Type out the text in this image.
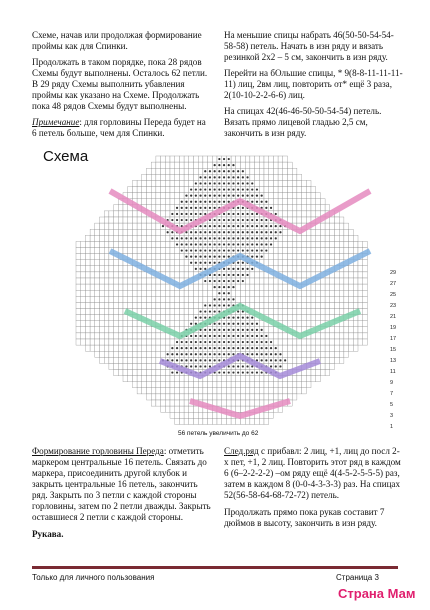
Схеме, начав или продолжая формирование проймы как для Спинки.

Продолжать в таком порядке, пока 28 рядов Схемы будут выполнены. Осталось 62 петли. В 29 ряду Схемы выполнить убавления проймы как указано на Схеме. Продолжать пока 48 рядов Схемы будут выполнены.

Примечание: для горловины Переда будет на 6 петель больше, чем для Спинки.

На меньшие спицы набрать 46(50-50-54-54-58-58) петель. Начать в изн ряду и вязать резинкой 2х2 – 5 см, закончить в изн ряду.

Перейти на бОльшие спицы, * 9(8-8-11-11-11-11) лиц, 2вм лиц, повторить от* ещё 3 раза, 2(10-10-2-2-6-6) лиц.

На спицах 42(46-46-50-50-54-54) петель. Вязать прямо лицевой гладью 2,5 см, закончить в изн ряду.

29
27
25
23
21
19
17
15
13
11
9
7
5
3
1
Схема
56 петель увеличить до 62

Формирование горловины Переда: отметить маркером центральные 16 петель. Связать до маркера, присоединить другой клубок и закрыть центральные 16 петель, закончить ряд. Закрыть по 3 петли с каждой стороны горловины, затем по 2 петли дважды. Закрыть оставшиеся 2 петли с каждой стороны.

Рукава.

След.ряд с прибавл: 2 лиц, +1, лиц до посл 2-х пет, +1, 2 лиц. Повторить этот ряд в каждом 6 (6–2-2-2-2) –ом ряду ещё 4(4-5-2-5-5-5) раз, затем в каждом 8 (0-0-4-3-3-3) раз. На спицах 52(56-58-64-68-72-72) петель.

Продолжать прямо пока рукав составит 7 дюймов в высоту, закончить в изн ряду.

Только для личного пользования	Страница 3
Страна Мам
